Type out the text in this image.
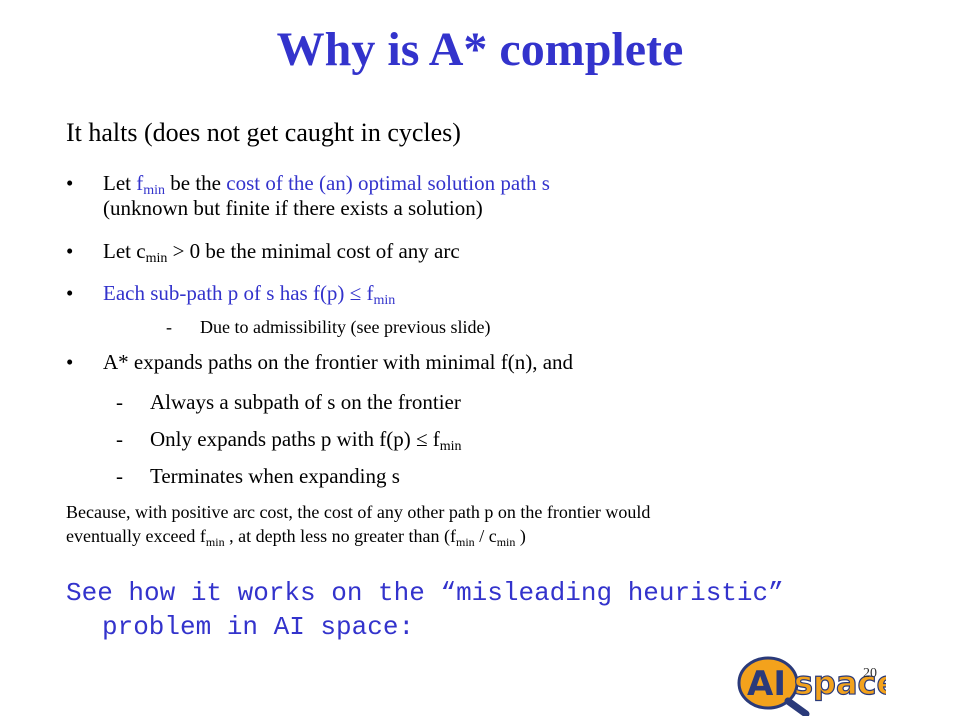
Why is A* complete
It halts (does not get caught in cycles)
• Let $f_{min}$ be the cost of the (an) optimal solution path s
(unknown but finite if there exists a solution)
• Let $c_{min} > 0$ be the minimal cost of any arc
• Each sub-path p of s has $f(p) \le f_{min}$
- Due to admissibility (see previous slide)
• A* expands paths on the frontier with minimal f(n), and
- Always a subpath of s on the frontier
- Only expands paths p with $f(p) \le f_{min}$
- Terminates when expanding s
Because, with positive arc cost, the cost of any other path p on the frontier would
eventually exceed $f_{min}$ , at depth less no greater than ($f_{min} / c_{min}$ )
See how it works on the “misleading heuristic”
problem in AI space:
AI spac
20
